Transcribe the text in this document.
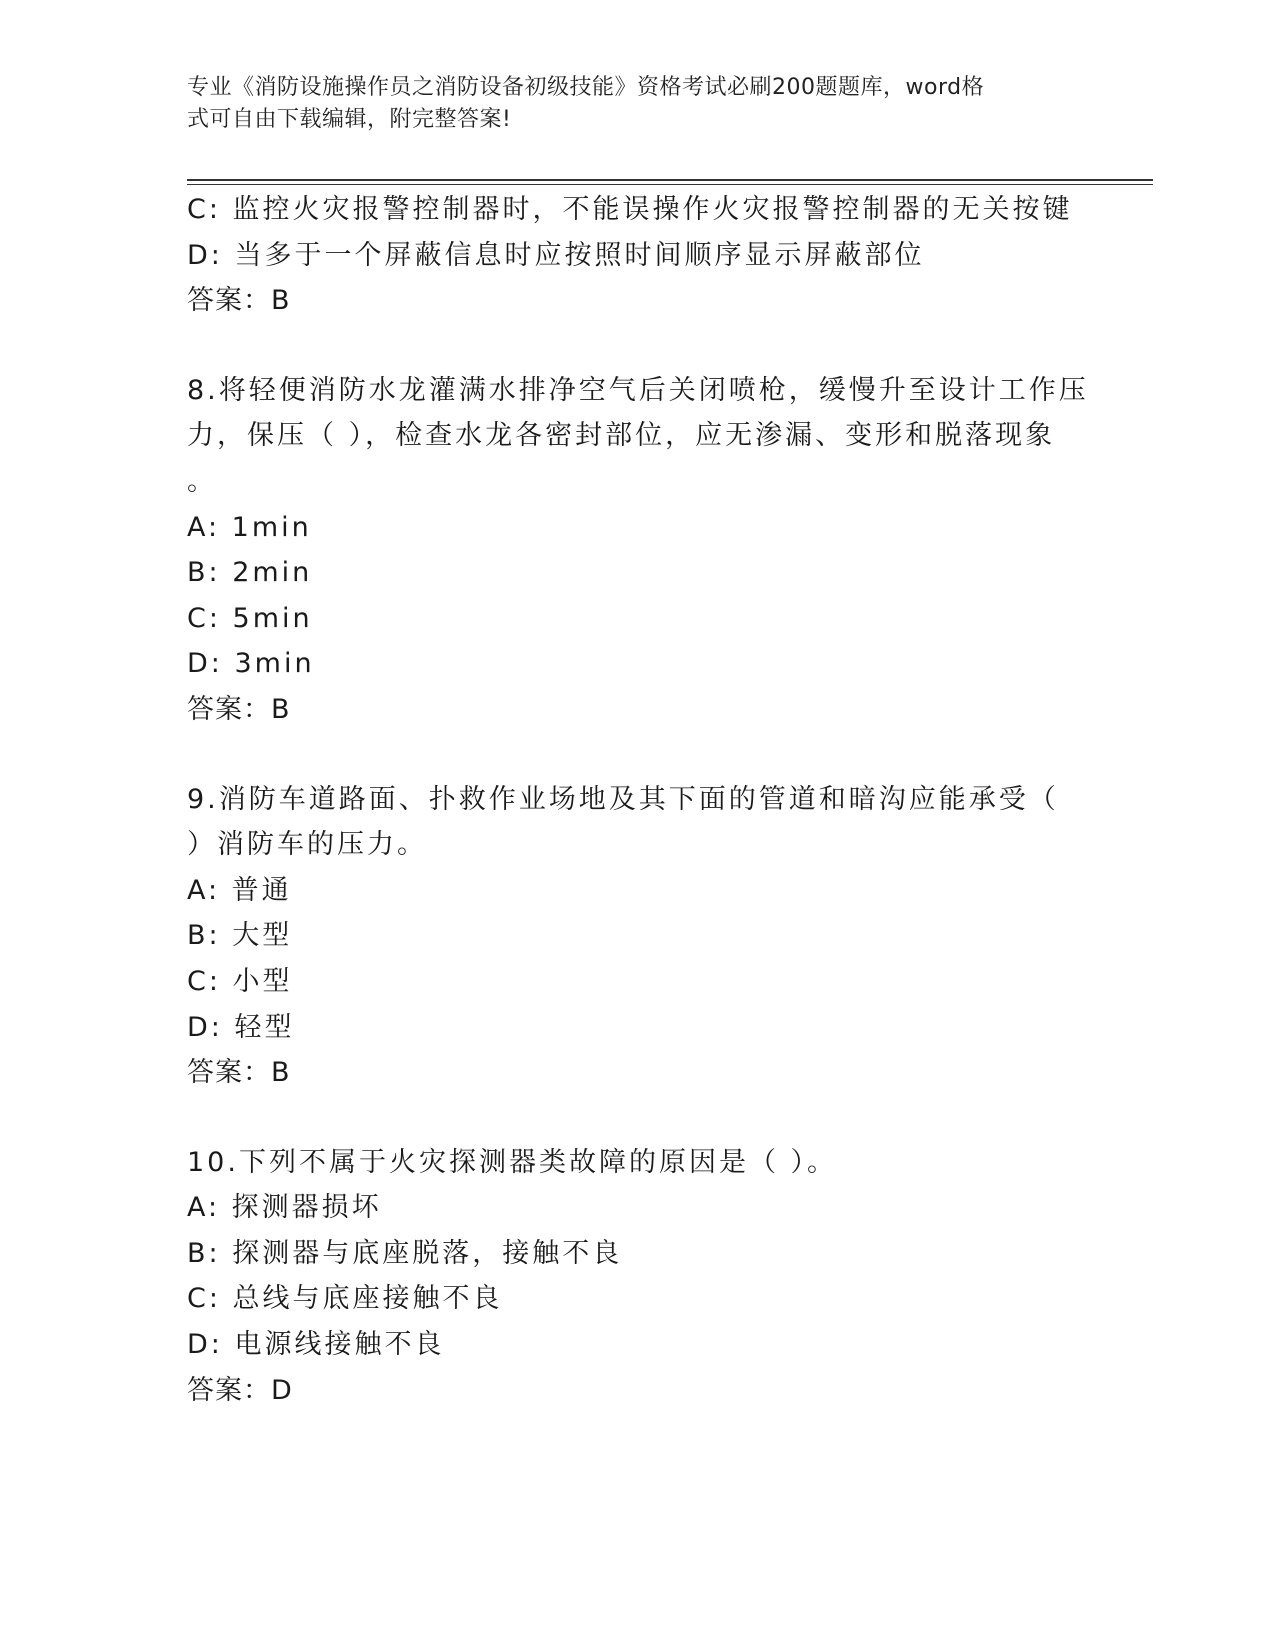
专业《消防设施操作员之消防设备初级技能》资格考试必刷200题题库，word格
式可自由下载编辑，附完整答案!
C: 监控火灾报警控制器时，不能误操作火灾报警控制器的无关按键
D: 当多于一个屏蔽信息时应按照时间顺序显示屏蔽部位
答案：B
8.将轻便消防水龙灌满水排净空气后关闭喷枪，缓慢升至设计工作压
力，保压（ ），检查水龙各密封部位，应无渗漏、变形和脱落现象
。
A: 1min
B: 2min
C: 5min
D: 3min
答案：B
9.消防车道路面、扑救作业场地及其下面的管道和暗沟应能承受（
）消防车的压力。
A: 普通
B: 大型
C: 小型
D: 轻型
答案：B
10.下列不属于火灾探测器类故障的原因是（ ）。
A: 探测器损坏
B: 探测器与底座脱落，接触不良
C: 总线与底座接触不良
D: 电源线接触不良
答案：D
